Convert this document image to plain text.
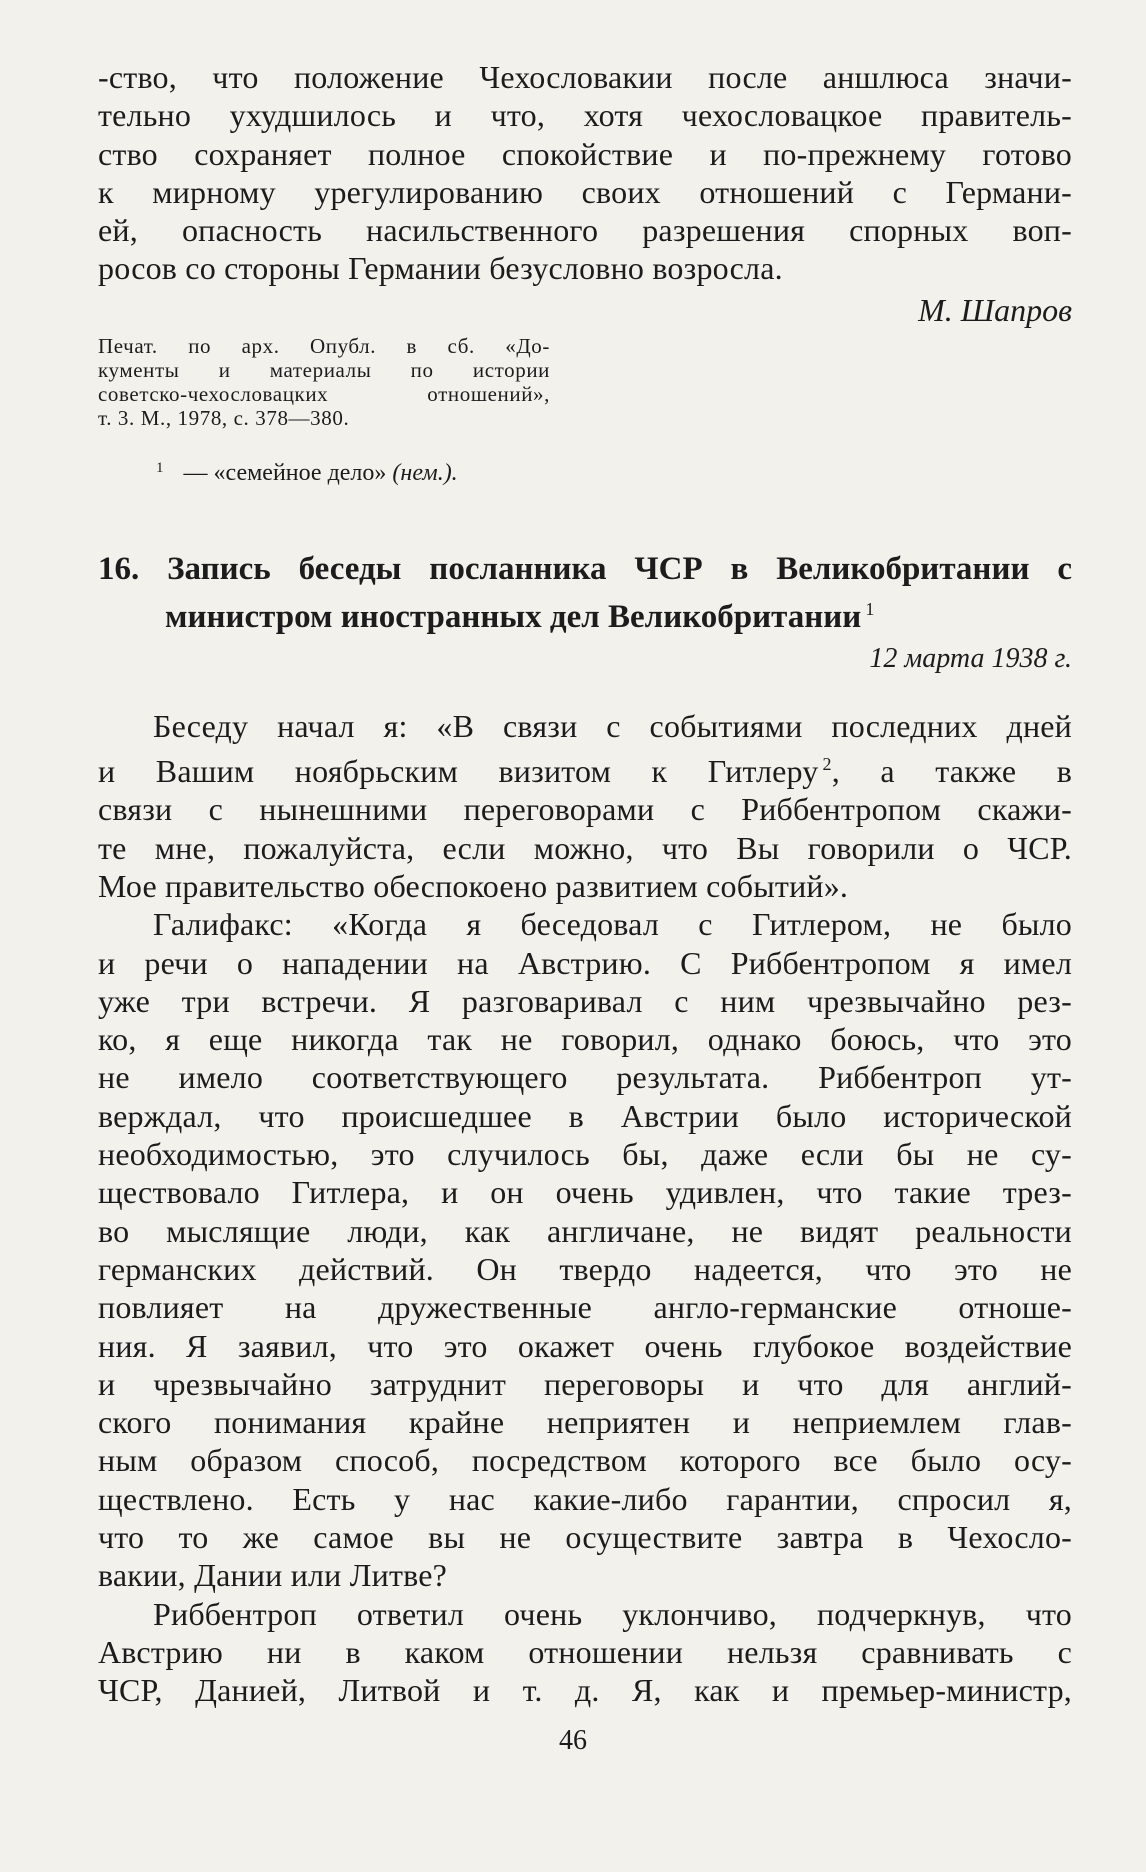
-ство, что положение Чехословакии после аншлюса значи-
тельно ухудшилось и что, хотя чехословацкое правитель-
ство сохраняет полное спокойствие и по-прежнему готово
к мирному урегулированию своих отношений с Германи-
ей, опасность насильственного разрешения спорных воп-
росов со стороны Германии безусловно возросла.
М. Шапров
Печат. по арх. Опубл. в сб. «До-
кументы и материалы по истории
советско-чехословацких отношений»,
т. 3. М., 1978, с. 378—380.
$^1$ — «семейное дело» (нем.).
16. Запись беседы посланника ЧСР в Великобритании с
министром иностранных дел Великобритании $^1$
12 марта 1938 г.
Беседу начал я: «В связи с событиями последних дней
и Вашим ноябрьским визитом к Гитлеру $^2$, а также в
связи с нынешними переговорами с Риббентропом скажи-
те мне, пожалуйста, если можно, что Вы говорили о ЧСР.
Мое правительство обеспокоено развитием событий».
Галифакс: «Когда я беседовал с Гитлером, не было
и речи о нападении на Австрию. С Риббентропом я имел
уже три встречи. Я разговаривал с ним чрезвычайно рез-
ко, я еще никогда так не говорил, однако боюсь, что это
не имело соответствующего результата. Риббентроп ут-
верждал, что происшедшее в Австрии было исторической
необходимостью, это случилось бы, даже если бы не су-
ществовало Гитлера, и он очень удивлен, что такие трез-
во мыслящие люди, как англичане, не видят реальности
германских действий. Он твердо надеется, что это не
повлияет на дружественные англо-германские отноше-
ния. Я заявил, что это окажет очень глубокое воздействие
и чрезвычайно затруднит переговоры и что для англий-
ского понимания крайне неприятен и неприемлем глав-
ным образом способ, посредством которого все было осу-
ществлено. Есть у нас какие-либо гарантии, спросил я,
что то же самое вы не осуществите завтра в Чехосло-
вакии, Дании или Литве?
Риббентроп ответил очень уклончиво, подчеркнув, что
Австрию ни в каком отношении нельзя сравнивать с
ЧСР, Данией, Литвой и т. д. Я, как и премьер-министр,
46
